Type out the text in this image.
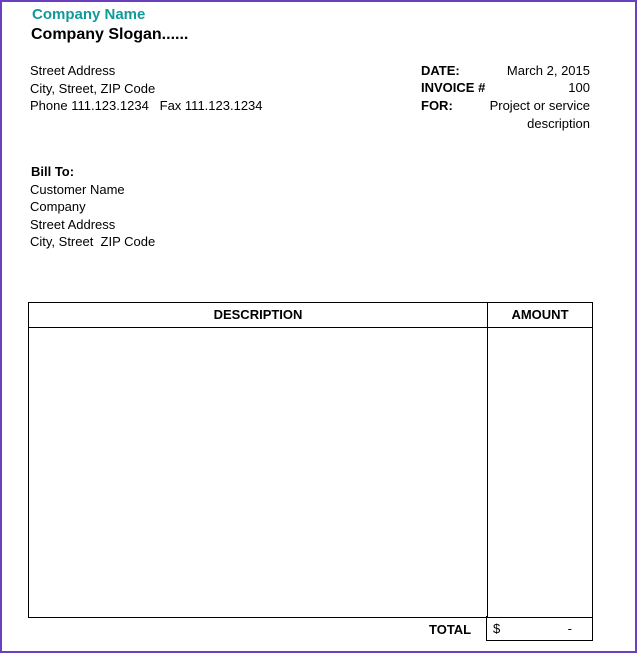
Company Name
Company Slogan......
Street Address
City, Street, ZIP Code
Phone 111.123.1234   Fax 111.123.1234
DATE:	March 2, 2015
INVOICE #	100
FOR:	Project or service
description
Bill To:
Customer Name
Company
Street Address
City, Street  ZIP Code
DESCRIPTION	AMOUNT
TOTAL $	-
